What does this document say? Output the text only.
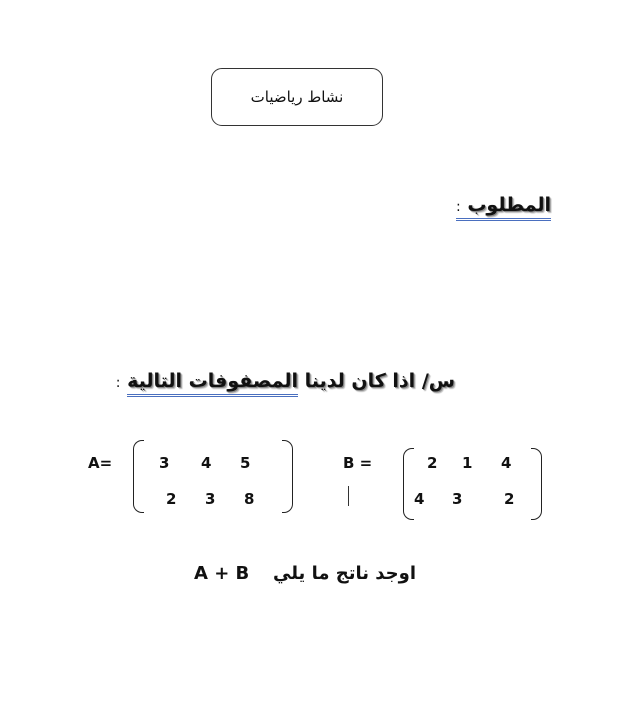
نشاط رياضيات
المطلوب :
س/ اذا كان لدينا المصفوفات التالية :
A=	3 4 5
2 3 8
B =	2 1 4
4 3	2
A + B اوجد ناتج ما يلي
